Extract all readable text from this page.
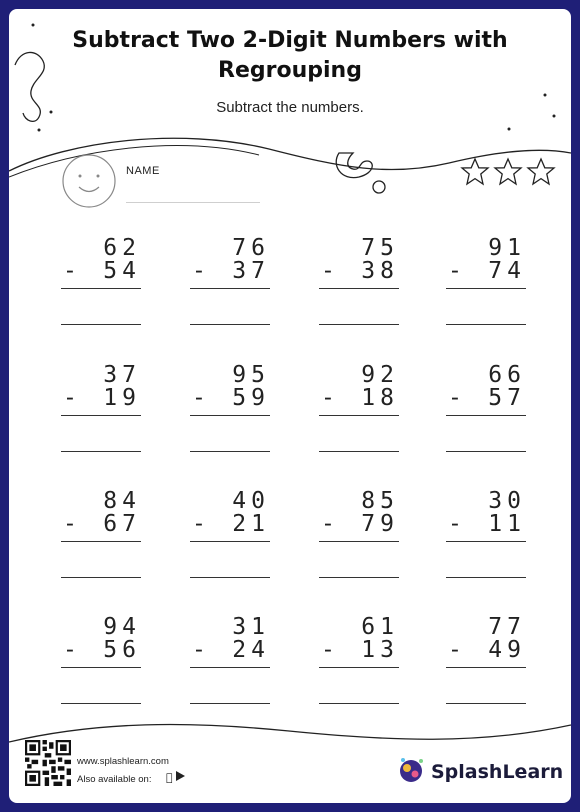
Subtract Two 2-Digit Numbers with
Regrouping
Subtract the numbers.
NAME
62
-	54
76
-	37
75
-	38
91
-	74
37
-	19
95
-	59
92
-	18
66
-	57
84
-	67
40
-	21
85
-	79
30
-	11
94
-	56
31
-	24
61
-	13
77
-	49
www.splashlearn.com
Also available on:	SplashLearn
